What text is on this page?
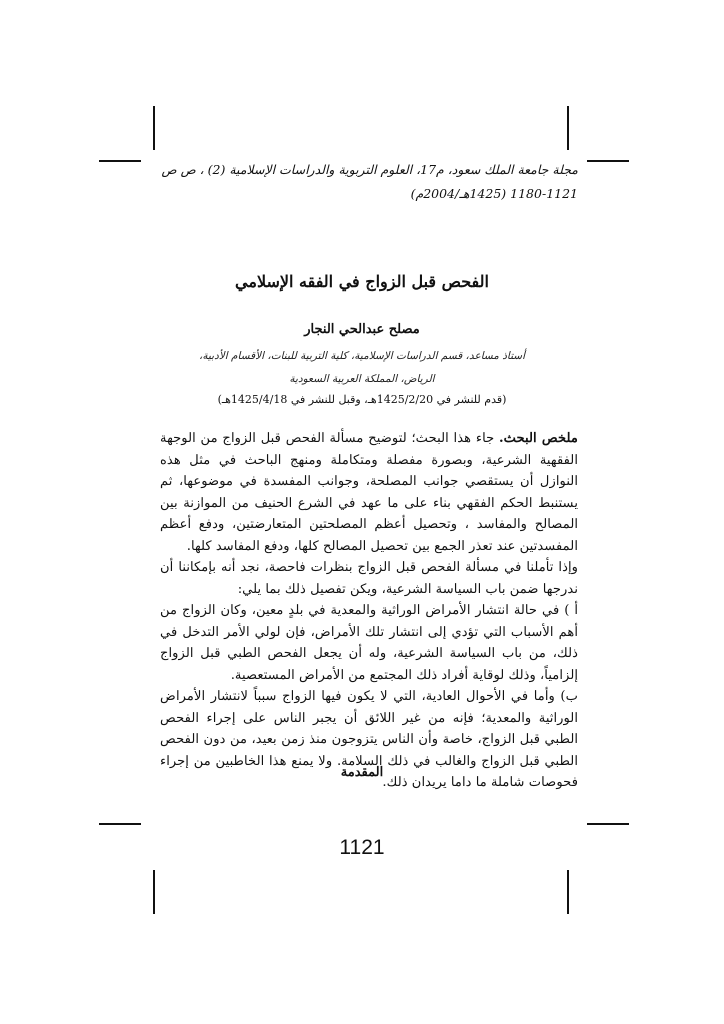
مجلة جامعة الملك سعود، م17، العلوم التربوية والدراسات الإسلامية (2) ، ص ص 1121-1180 (1425هـ/2004م)
الفحص قبل الزواج في الفقه الإسلامي
مصلح عبدالحي النجار
أستاذ مساعد، قسم الدراسات الإسلامية، كلية التربية للبنات، الأقسام الأدبية،
الرياض، المملكة العربية السعودية
(قدم للنشر في 1425/2/20هـ، وقبل للنشر في 1425/4/18هـ)

ملخص البحث. جاء هذا البحث؛ لتوضيح مسألة الفحص قبل الزواج من الوجهة الفقهية الشرعية، وبصورة مفصلة ومتكاملة ومنهج الباحث في مثل هذه النوازل أن يستقصي جوانب المصلحة، وجوانب المفسدة في موضوعها، ثم يستنبط الحكم الفقهي بناء على ما عهد في الشرع الحنيف من الموازنة بين المصالح والمفاسد ، وتحصيل أعظم المصلحتين المتعارضتين، ودفع أعظم المفسدتين عند تعذر الجمع بين تحصيل المصالح كلها، ودفع المفاسد كلها.

وإذا تأملنا في مسألة الفحص قبل الزواج بنظرات فاحصة، نجد أنه بإمكاننا أن ندرجها ضمن باب السياسة الشرعية، ويكن تفصيل ذلك بما يلي:

أ ) في حالة انتشار الأمراض الوراثية والمعدية في بلدٍ معين، وكان الزواج من أهم الأسباب التي تؤدي إلى انتشار تلك الأمراض، فإن لولي الأمر التدخل في ذلك، من باب السياسة الشرعية، وله أن يجعل الفحص الطبي قبل الزواج إلزامياً، وذلك لوقاية أفراد ذلك المجتمع من الأمراض المستعصية.

ب) وأما في الأحوال العادية، التي لا يكون فيها الزواج سبباً لانتشار الأمراض الوراثية والمعدية؛ فإنه من غير اللائق أن يجبر الناس على إجراء الفحص الطبي قبل الزواج، خاصة وأن الناس يتزوجون منذ زمن بعيد، من دون الفحص الطبي قبل الزواج والغالب في ذلك السلامة. ولا يمنع هذا الخاطبين من إجراء فحوصات شاملة ما داما يريدان ذلك.

المقدمة
1121
